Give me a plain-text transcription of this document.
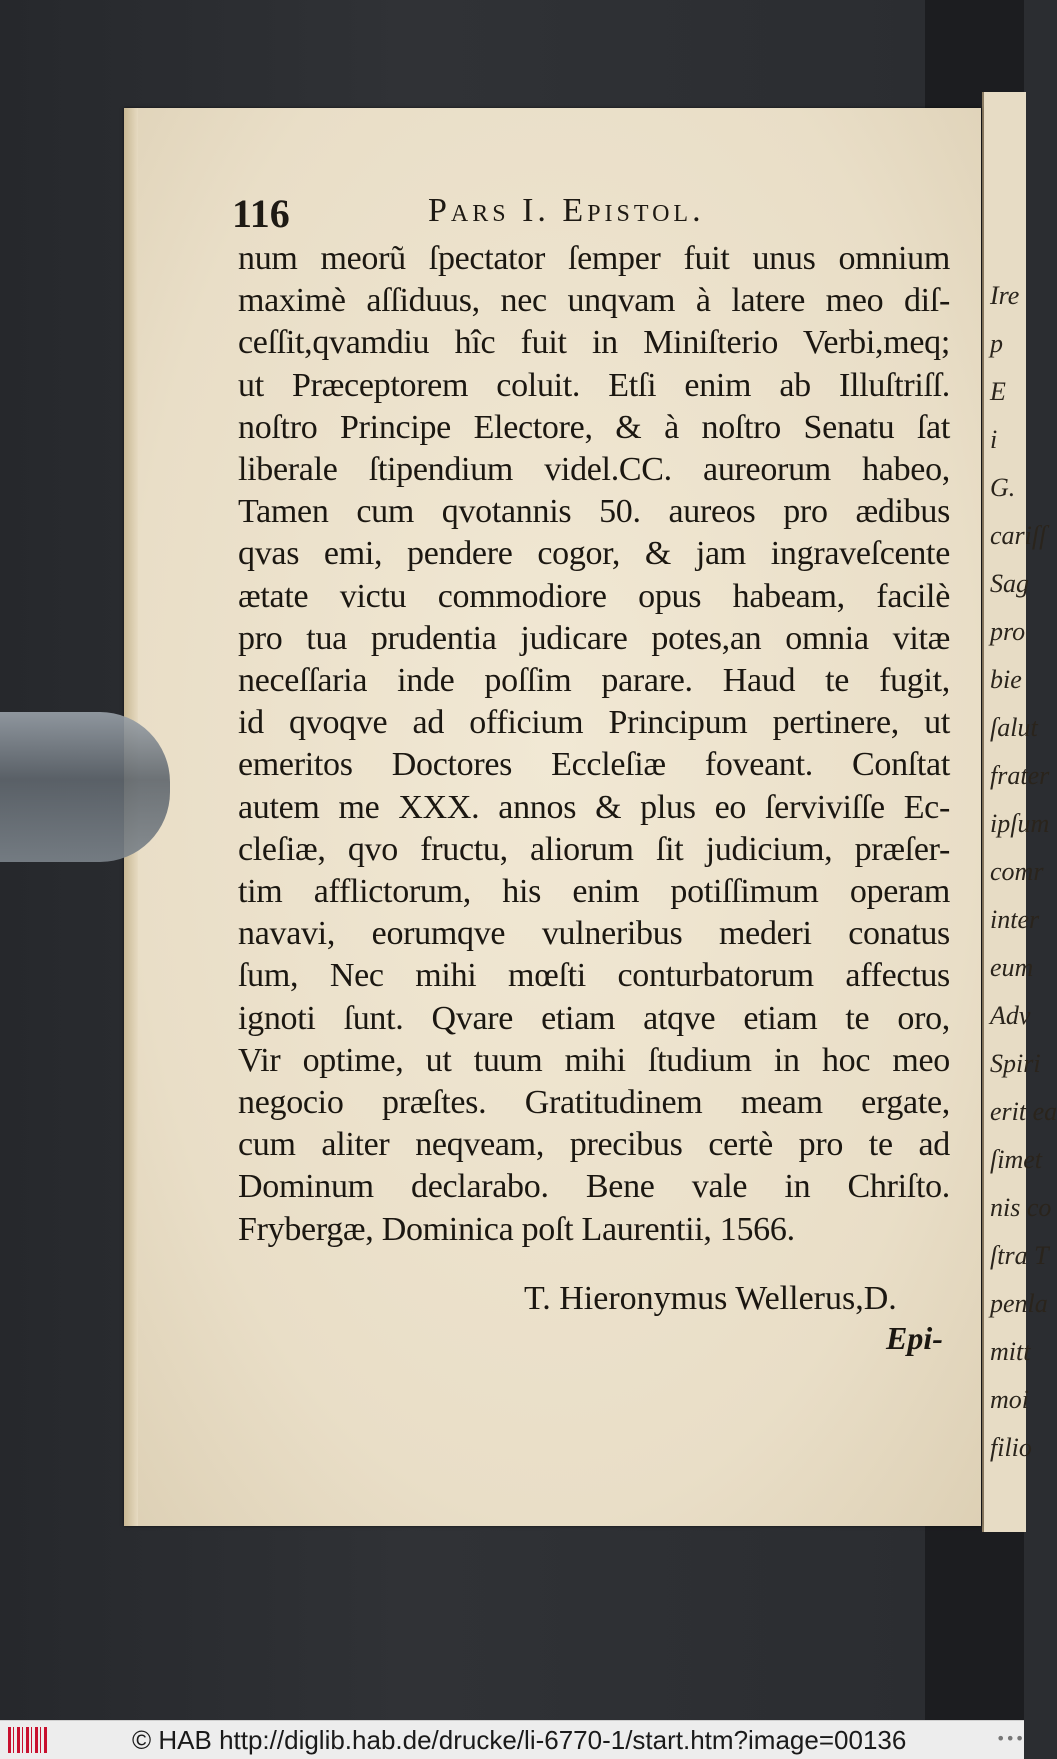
Ire
p
E
i
G.
cariſſ
Sag
pro
bie
ſalut
frater
ipſum
comr
inter
eum
Adv
Spiri
erit ea
ſimet
nis co
ſtra T
penla
mitt
moi
filio
116	Pars I. Epistol.
num meorũ ſpectator ſemper fuit unus omnium
maximè aſſiduus, nec unqvam à latere meo diſ-
ceſſit,qvamdiu hîc fuit in Miniſterio Verbi,meq;
ut Præceptorem coluit. Etſi enim ab Illuſtriſſ.
noſtro Principe Electore, & à noſtro Senatu ſat
liberale ſtipendium videl.CC. aureorum habeo,
Tamen cum qvotannis 50. aureos pro ædibus
qvas emi, pendere cogor, & jam ingraveſcente
ætate victu commodiore opus habeam, facilè
pro tua prudentia judicare potes,an omnia vitæ
neceſſaria inde poſſim parare. Haud te fugit,
id qvoqve ad officium Principum pertinere, ut
emeritos Doctores Eccleſiæ foveant. Conſtat
autem me XXX. annos & plus eo ſerviviſſe Ec-
cleſiæ, qvo fructu, aliorum ſit judicium, præſer-
tim afflictorum, his enim potiſſimum operam
navavi, eorumqve vulneribus mederi conatus
ſum, Nec mihi mœſti conturbatorum affectus
ignoti ſunt. Qvare etiam atqve etiam te oro,
Vir optime, ut tuum mihi ſtudium in hoc meo
negocio præſtes. Gratitudinem meam ergate,
cum aliter neqveam, precibus certè pro te ad
Dominum declarabo. Bene vale in Chriſto.
Frybergæ, Dominica poſt Laurentii, 1566.
T. Hieronymus Wellerus,D.
Epi-
© HAB http://diglib.hab.de/drucke/li-6770-1/start.htm?image=00136	•••
